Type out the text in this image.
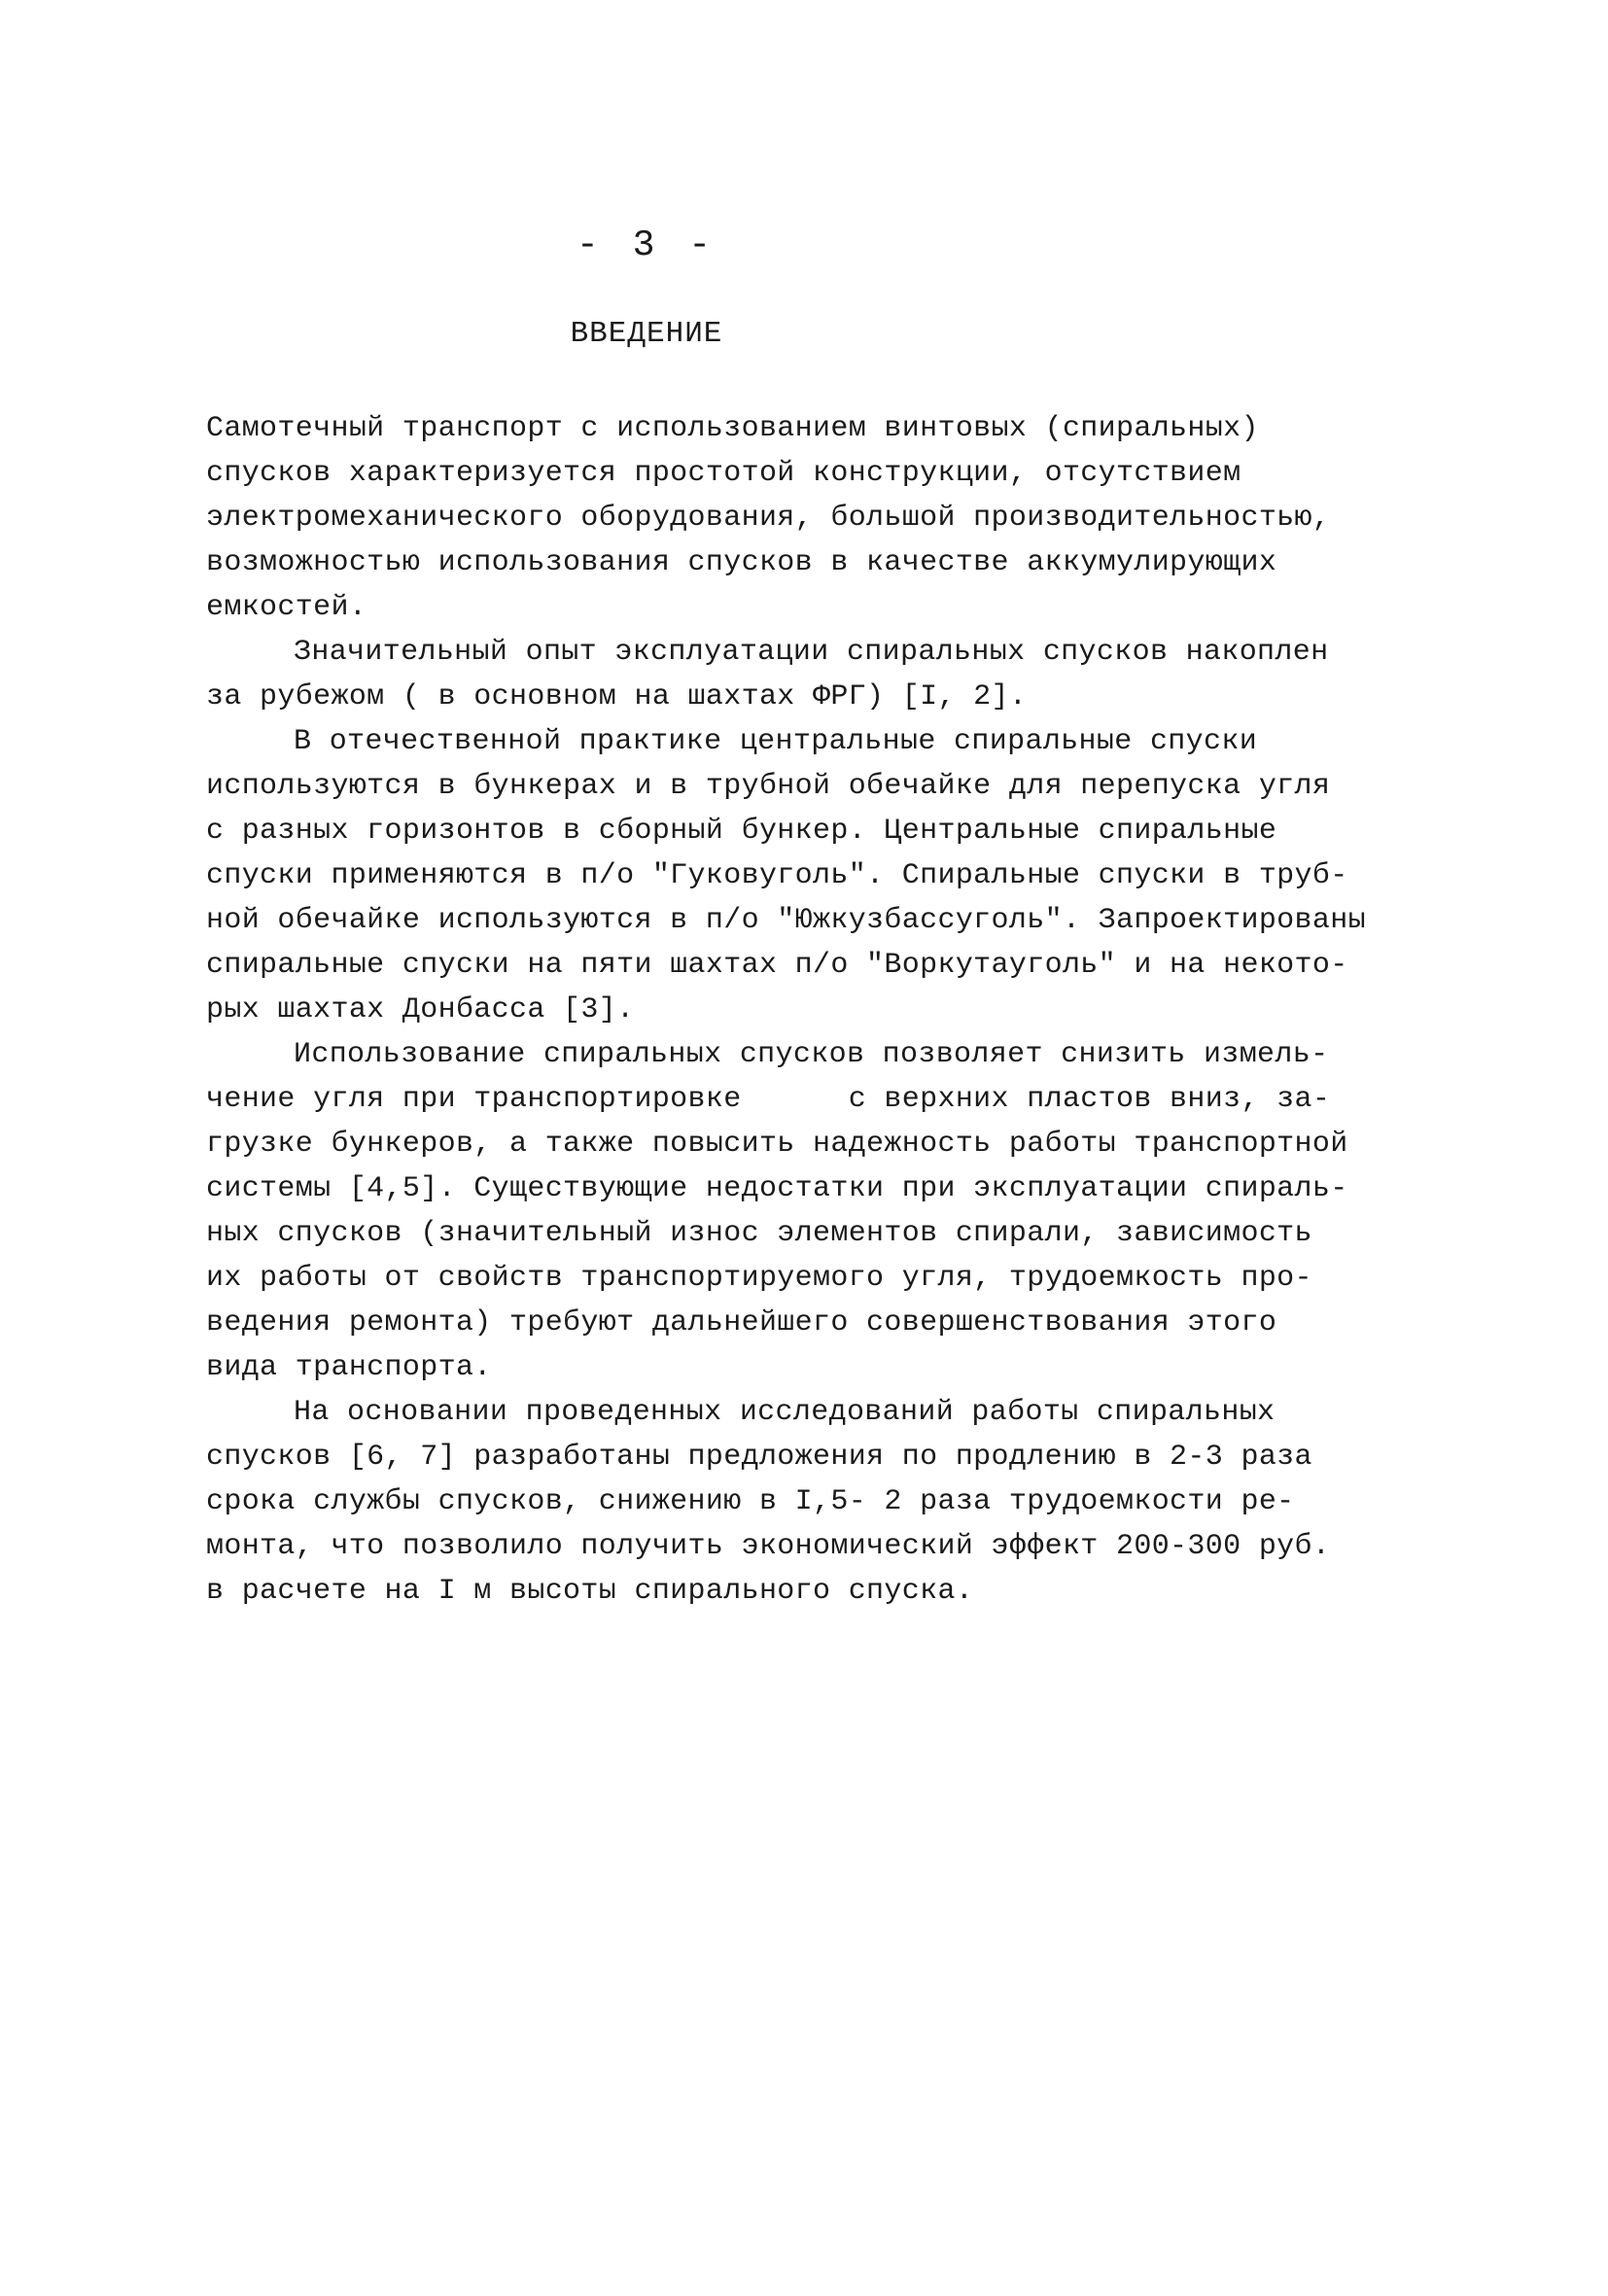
- 3 -
ВВЕДЕНИЕ
Самотечный транспорт с использованием винтовых (спиральных)
спусков характеризуется простотой конструкции, отсутствием
электромеханического оборудования, большой производительностью,
возможностью использования спусков в качестве аккумулирующих
емкостей.
Значительный опыт эксплуатации спиральных спусков накоплен
за рубежом ( в основном на шахтах ФРГ) [I, 2].
В отечественной практике центральные спиральные спуски
используются в бункерах и в трубной обечайке для перепуска угля
с разных горизонтов в сборный бункер. Центральные спиральные
спуски применяются в п/о "Гуковуголь". Спиральные спуски в труб-
ной обечайке используются в п/о "Южкузбассуголь". Запроектированы
спиральные спуски на пяти шахтах п/о "Воркутауголь" и на некото-
рых шахтах Донбасса [3].
Использование спиральных спусков позволяет снизить измель-
чение угля при транспортировке      с верхних пластов вниз, за-
грузке бункеров, а также повысить надежность работы транспортной
системы [4,5]. Существующие недостатки при эксплуатации спираль-
ных спусков (значительный износ элементов спирали, зависимость
их работы от свойств транспортируемого угля, трудоемкость про-
ведения ремонта) требуют дальнейшего совершенствования этого
вида транспорта.
На основании проведенных исследований работы спиральных
спусков [6, 7] разработаны предложения по продлению в 2-3 раза
срока службы спусков, снижению в I,5- 2 раза трудоемкости ре-
монта, что позволило получить экономический эффект 200-300 руб.
в расчете на I м высоты спирального спуска.
